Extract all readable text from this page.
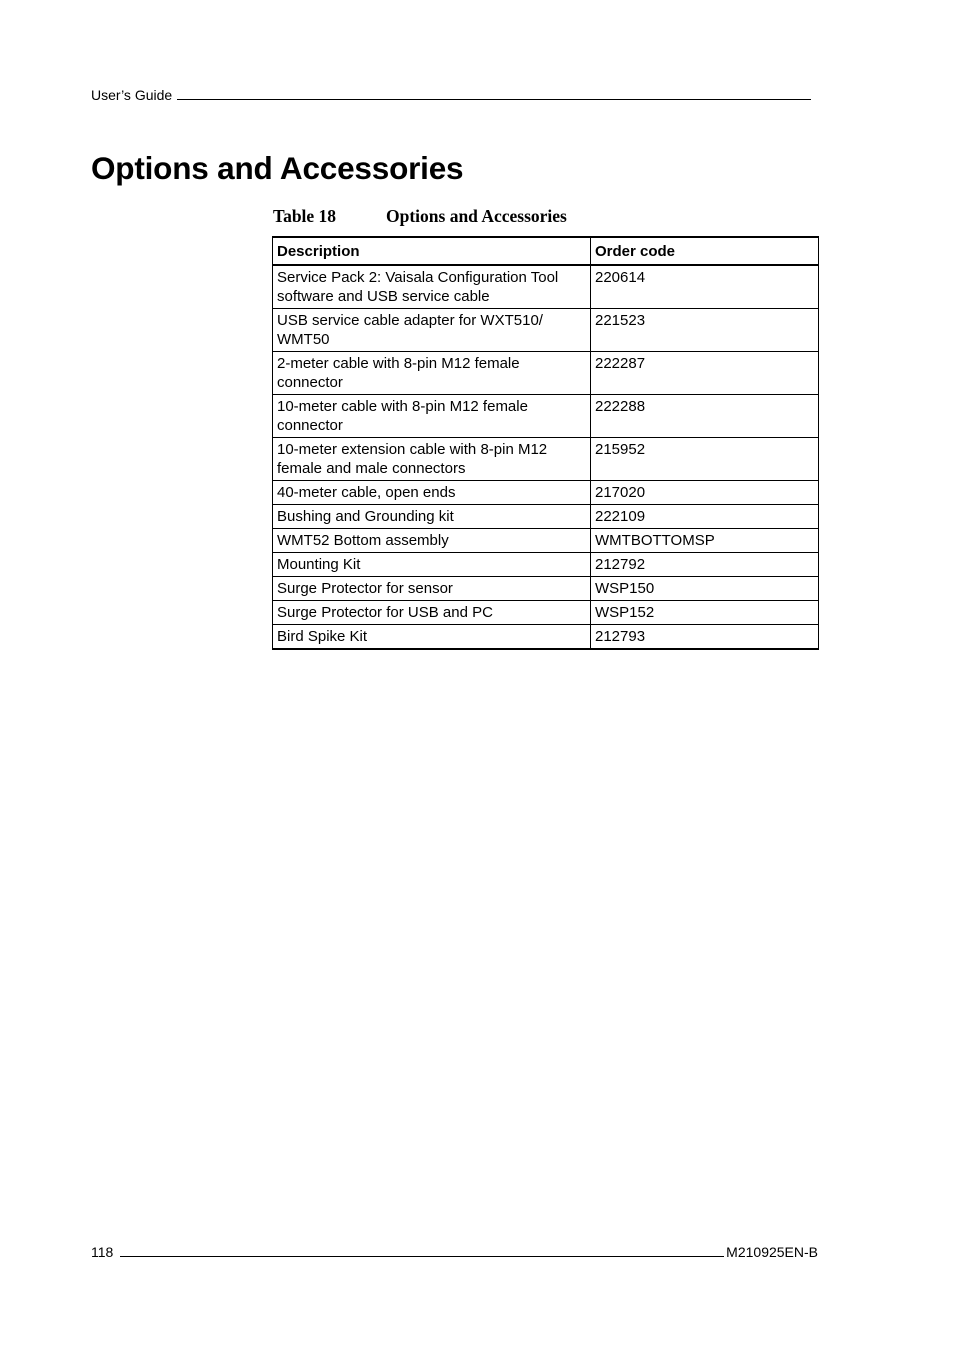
User’s Guide
Options and Accessories
Table 18	Options and Accessories
Description	Order code
Service Pack 2: Vaisala Configuration Tool software and USB service cable	220614
USB service cable adapter for WXT510/ WMT50	221523
2-meter cable with 8-pin M12 female connector	222287
10-meter cable with 8-pin M12 female connector	222288
10-meter extension cable with 8-pin M12 female and male connectors	215952
40-meter cable, open ends	217020
Bushing and Grounding kit	222109
WMT52 Bottom assembly	WMTBOTTOMSP
Mounting Kit	212792
Surge Protector for sensor	WSP150
Surge Protector for USB and PC	WSP152
Bird Spike Kit	212793
118	M210925EN-B
